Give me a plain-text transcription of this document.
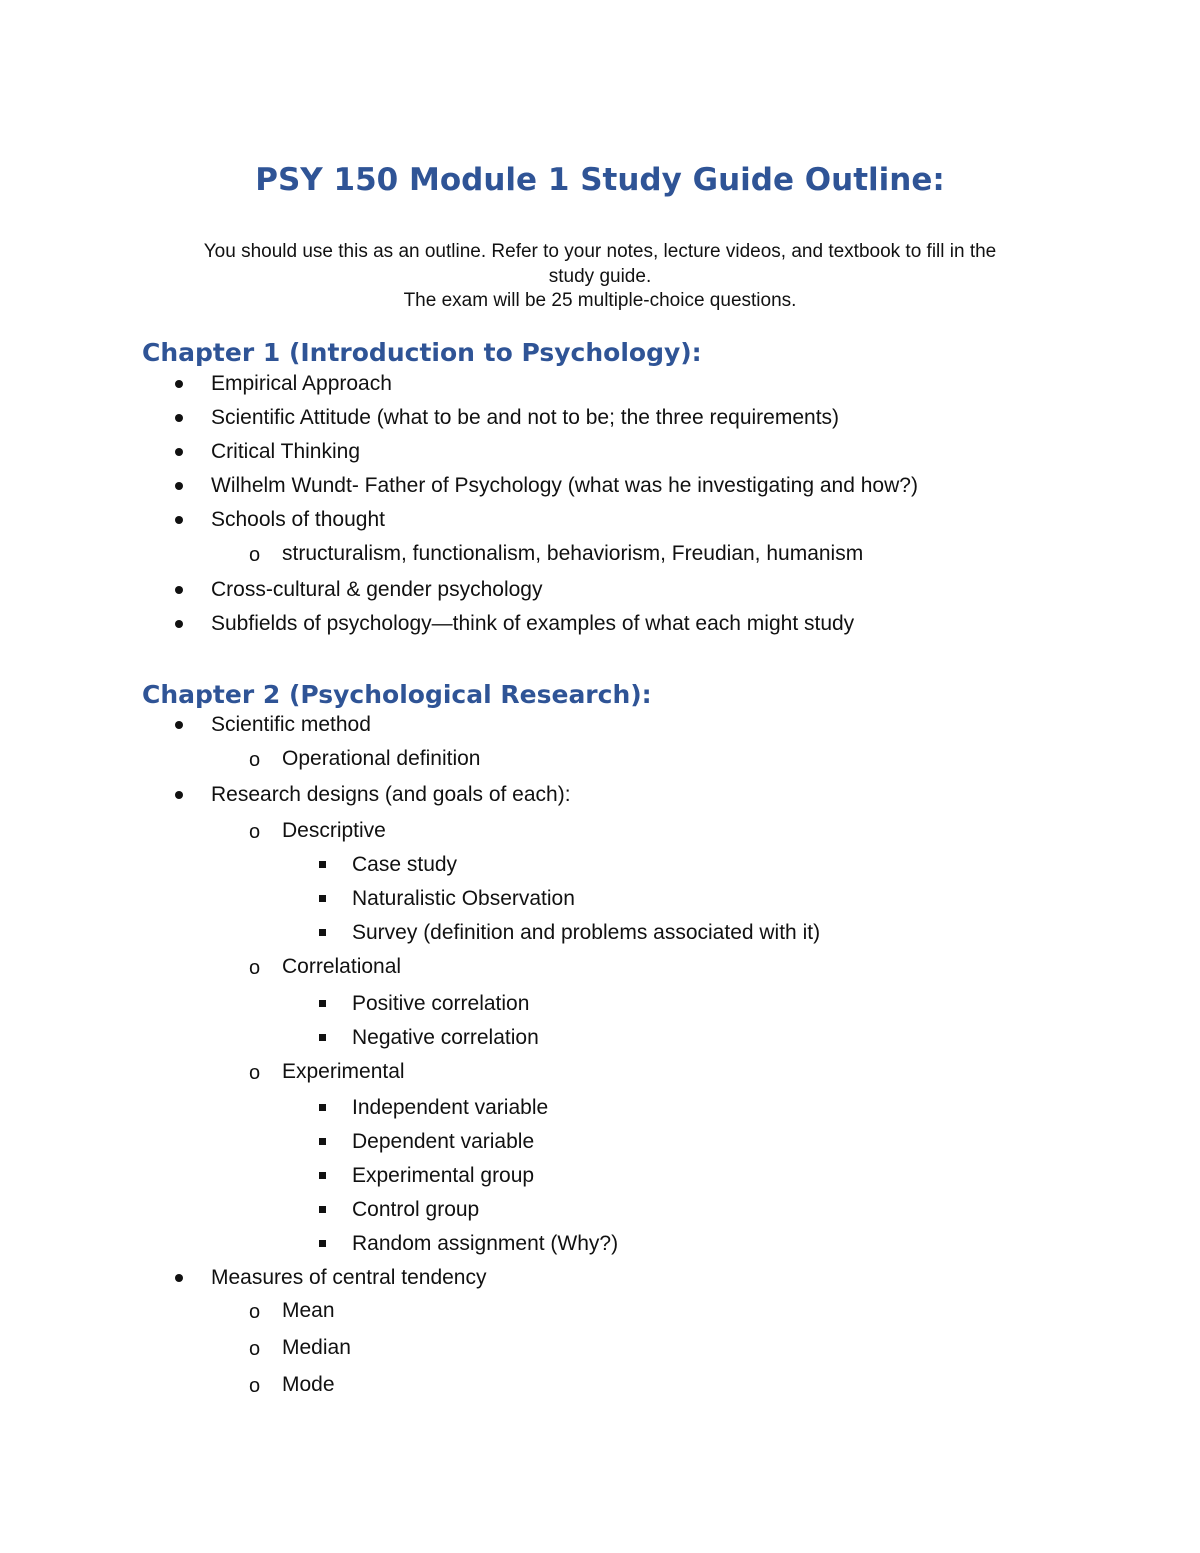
PSY 150 Module 1 Study Guide Outline:

You should use this as an outline. Refer to your notes, lecture videos, and textbook to fill in the

study guide.

The exam will be 25 multiple-choice questions.

Chapter 1 (Introduction to Psychology):
Empirical Approach
Scientific Attitude (what to be and not to be; the three requirements)
Critical Thinking
Wilhelm Wundt- Father of Psychology (what was he investigating and how?)
Schools of thought
o structuralism, functionalism, behaviorism, Freudian, humanism
Cross-cultural & gender psychology
Subfields of psychology—think of examples of what each might study
Chapter 2 (Psychological Research):
Scientific method
o Operational definition
Research designs (and goals of each):
o Descriptive
Case study
Naturalistic Observation
Survey (definition and problems associated with it)
o Correlational
Positive correlation
Negative correlation
o Experimental
Independent variable
Dependent variable
Experimental group
Control group
Random assignment (Why?)
Measures of central tendency
o Mean
o Median
o Mode
